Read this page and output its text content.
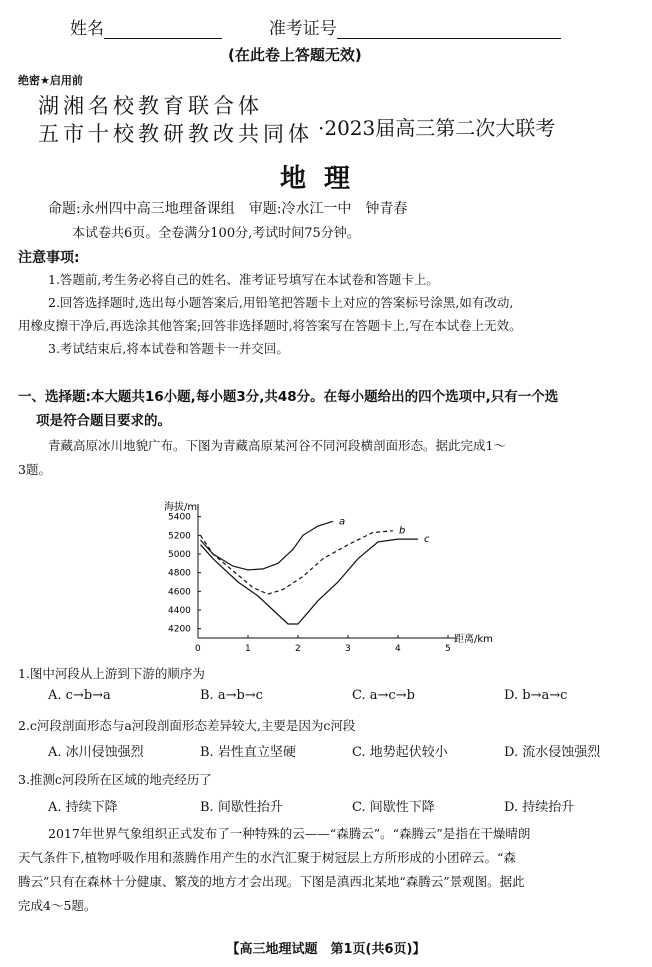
姓名	准考证号
(在此卷上答题无效)
绝密★启用前
湖湘名校教育联合体
五市十校教研教改共同体 ·2023届高三第二次大联考
地理
命题:永州四中高三地理备课组　审题:冷水江一中　钟青春
本试卷共6页。全卷满分100分,考试时间75分钟。
注意事项:
1.答题前,考生务必将自己的姓名、准考证号填写在本试卷和答题卡上。
2.回答选择题时,选出每小题答案后,用铅笔把答题卡上对应的答案标号涂黑,如有改动,
用橡皮擦干净后,再选涂其他答案;回答非选择题时,将答案写在答题卡上,写在本试卷上无效。
3.考试结束后,将本试卷和答题卡一并交回。
一、选择题:本大题共16小题,每小题3分,共48分。在每小题给出的四个选项中,只有一个选
项是符合题目要求的。
青藏高原冰川地貌广布。下图为青藏高原某河谷不同河段横剖面形态。据此完成1～
3题。
海拔/m
距离/km
0	1	2	3	4	5
5400
5200
5000
4800
4600
4400
4200
a
b
c
1.图中河段从上游到下游的顺序为
A. c→b→a	B. a→b→c	C. a→c→b	D. b→a→c
2.c河段剖面形态与a河段剖面形态差异较大,主要是因为c河段
A. 冰川侵蚀强烈	B. 岩性直立坚硬	C. 地势起伏较小	D. 流水侵蚀强烈
3.推测c河段所在区域的地壳经历了
A. 持续下降	B. 间歇性抬升	C. 间歇性下降	D. 持续抬升
2017年世界气象组织正式发布了一种特殊的云——“森腾云”。“森腾云”是指在干燥晴朗
天气条件下,植物呼吸作用和蒸腾作用产生的水汽汇聚于树冠层上方所形成的小团碎云。“森
腾云”只有在森林十分健康、繁茂的地方才会出现。下图是滇西北某地“森腾云”景观图。据此
完成4～5题。
【高三地理试题　第1页(共6页)】
